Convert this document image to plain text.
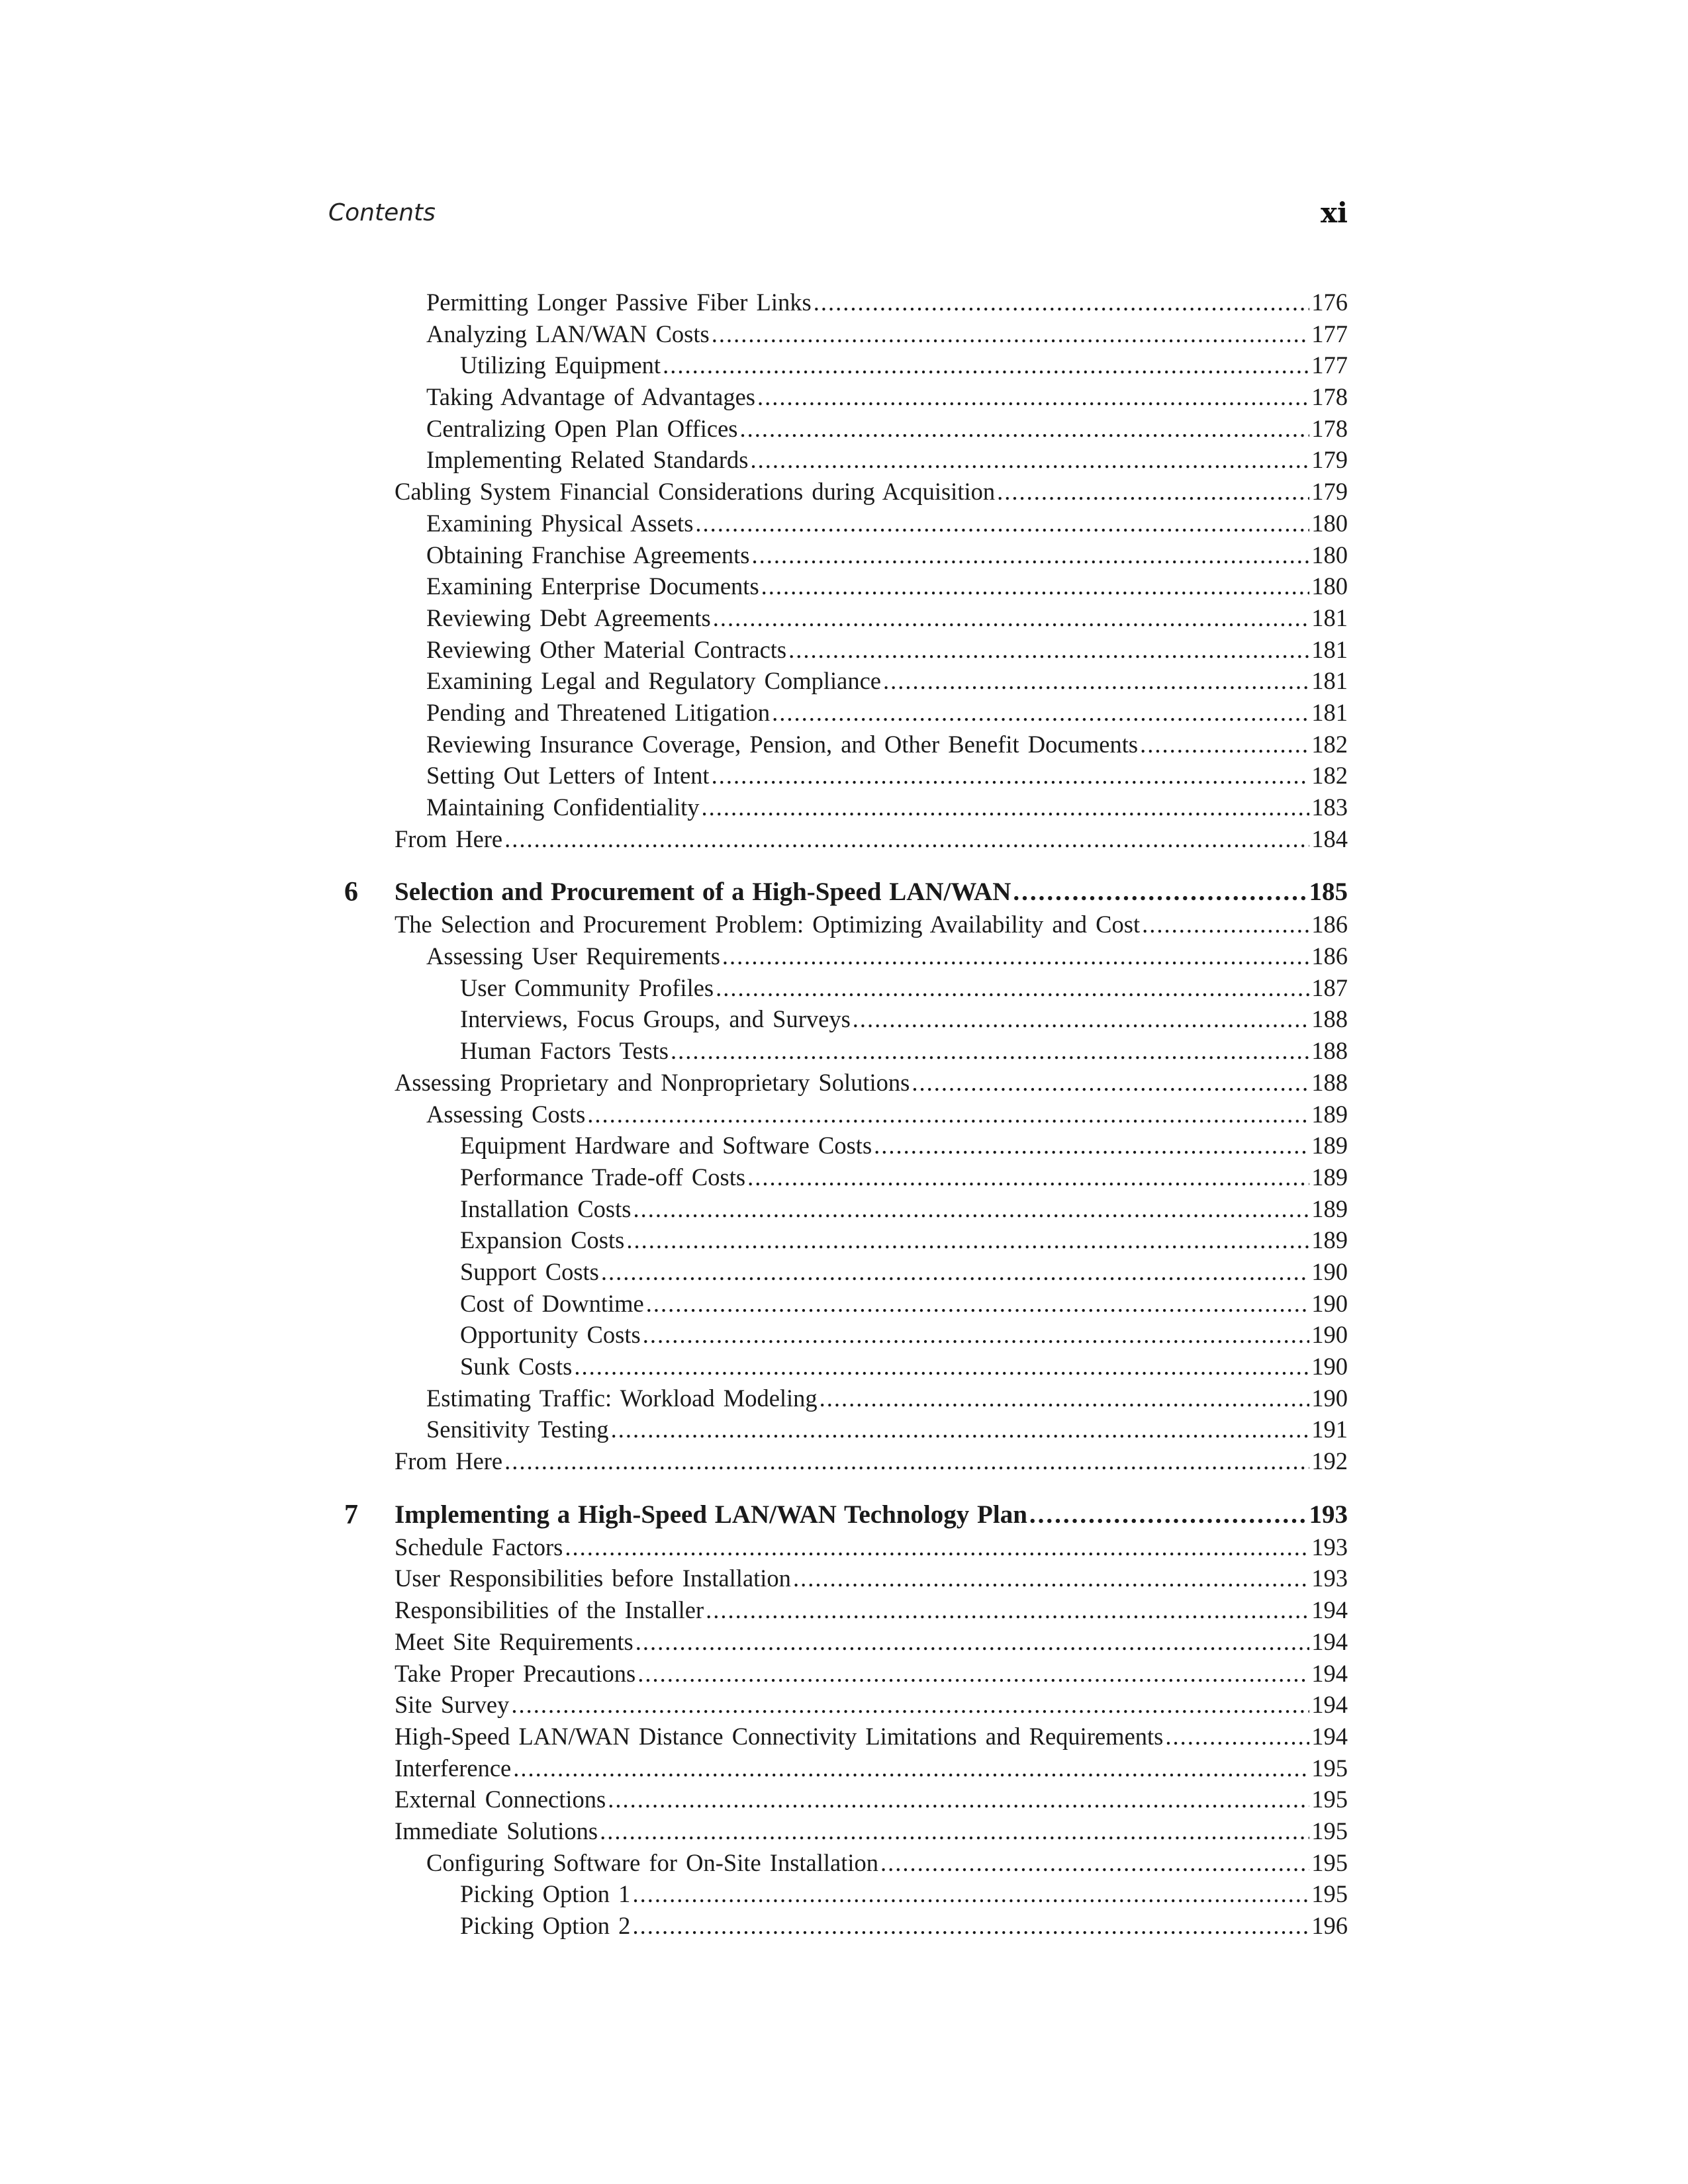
Contents	xi
Permitting Longer Passive Fiber Links .....	176
Analyzing LAN/WAN Costs .....	177
Utilizing Equipment .....	177
Taking Advantage of Advantages .....	178
Centralizing Open Plan Offices .....	178
Implementing Related Standards .....	179
Cabling System Financial Considerations during Acquisition .....	179
Examining Physical Assets .....	180
Obtaining Franchise Agreements .....	180
Examining Enterprise Documents .....	180
Reviewing Debt Agreements .....	181
Reviewing Other Material Contracts .....	181
Examining Legal and Regulatory Compliance .....	181
Pending and Threatened Litigation .....	181
Reviewing Insurance Coverage, Pension, and Other Benefit Documents .....	182
Setting Out Letters of Intent .....	182
Maintaining Confidentiality .....	183
From Here .....	184
6 Selection and Procurement of a High-Speed LAN/WAN .....	185
The Selection and Procurement Problem: Optimizing Availability and Cost .....	186
Assessing User Requirements .....	186
User Community Profiles .....	187
Interviews, Focus Groups, and Surveys .....	188
Human Factors Tests .....	188
Assessing Proprietary and Nonproprietary Solutions .....	188
Assessing Costs .....	189
Equipment Hardware and Software Costs .....	189
Performance Trade-off Costs .....	189
Installation Costs .....	189
Expansion Costs .....	189
Support Costs .....	190
Cost of Downtime .....	190
Opportunity Costs .....	190
Sunk Costs .....	190
Estimating Traffic: Workload Modeling .....	190
Sensitivity Testing .....	191
From Here .....	192
7 Implementing a High-Speed LAN/WAN Technology Plan .....	193
Schedule Factors .....	193
User Responsibilities before Installation .....	193
Responsibilities of the Installer .....	194
Meet Site Requirements .....	194
Take Proper Precautions .....	194
Site Survey .....	194
High-Speed LAN/WAN Distance Connectivity Limitations and Requirements .....	194
Interference .....	195
External Connections .....	195
Immediate Solutions .....	195
Configuring Software for On-Site Installation .....	195
Picking Option 1 .....	195
Picking Option 2 .....	196
